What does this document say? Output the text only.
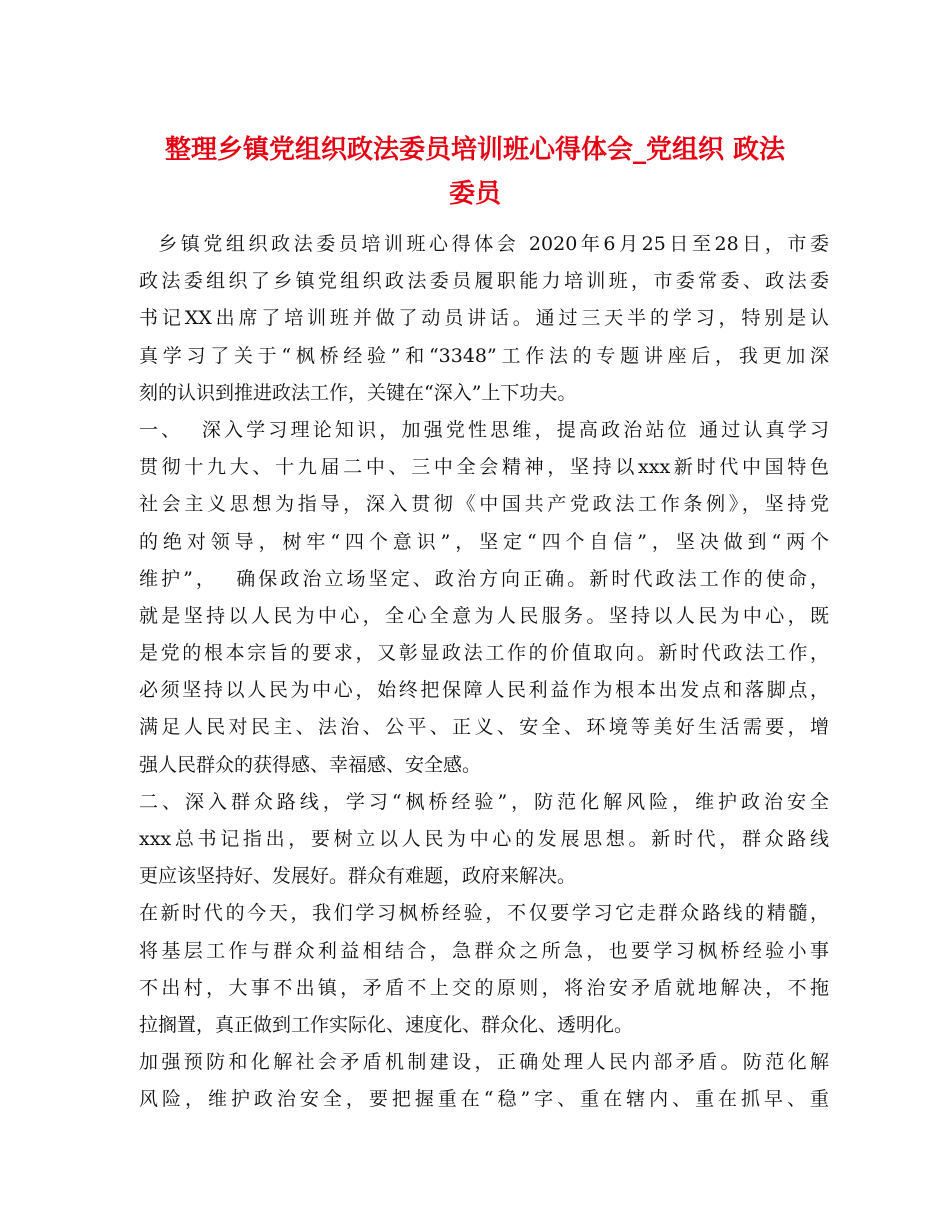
整理乡镇党组织政法委员培训班心得体会_党组织 政法
委员
乡镇党组织政法委员培训班心得体会 2020年6月25日至28日，市委
政法委组织了乡镇党组织政法委员履职能力培训班，市委常委、政法委
书记XX出席了培训班并做了动员讲话。通过三天半的学习，特别是认
真学习了关于“枫桥经验”和“3348”工作法的专题讲座后，我更加深
刻的认识到推进政法工作，关键在“深入”上下功夫。
一、  深入学习理论知识，加强党性思维，提高政治站位 通过认真学习
贯彻十九大、十九届二中、三中全会精神，坚持以xxx新时代中国特色
社会主义思想为指导，深入贯彻《中国共产党政法工作条例》，坚持党
的绝对领导，树牢“四个意识”，坚定“四个自信”，坚决做到“两个
维护”，  确保政治立场坚定、政治方向正确。新时代政法工作的使命，
就是坚持以人民为中心，全心全意为人民服务。坚持以人民为中心，既
是党的根本宗旨的要求，又彰显政法工作的价值取向。新时代政法工作，
必须坚持以人民为中心，始终把保障人民利益作为根本出发点和落脚点，
满足人民对民主、法治、公平、正义、安全、环境等美好生活需要，增
强人民群众的获得感、幸福感、安全感。
二、深入群众路线，学习“枫桥经验”，防范化解风险，维护政治安全
xxx总书记指出，要树立以人民为中心的发展思想。新时代，群众路线
更应该坚持好、发展好。群众有难题，政府来解决。
在新时代的今天，我们学习枫桥经验，不仅要学习它走群众路线的精髓，
将基层工作与群众利益相结合，急群众之所急，也要学习枫桥经验小事
不出村，大事不出镇，矛盾不上交的原则，将治安矛盾就地解决，不拖
拉搁置，真正做到工作实际化、速度化、群众化、透明化。
加强预防和化解社会矛盾机制建设，正确处理人民内部矛盾。防范化解
风险，维护政治安全，要把握重在“稳”字、重在辖内、重在抓早、重
